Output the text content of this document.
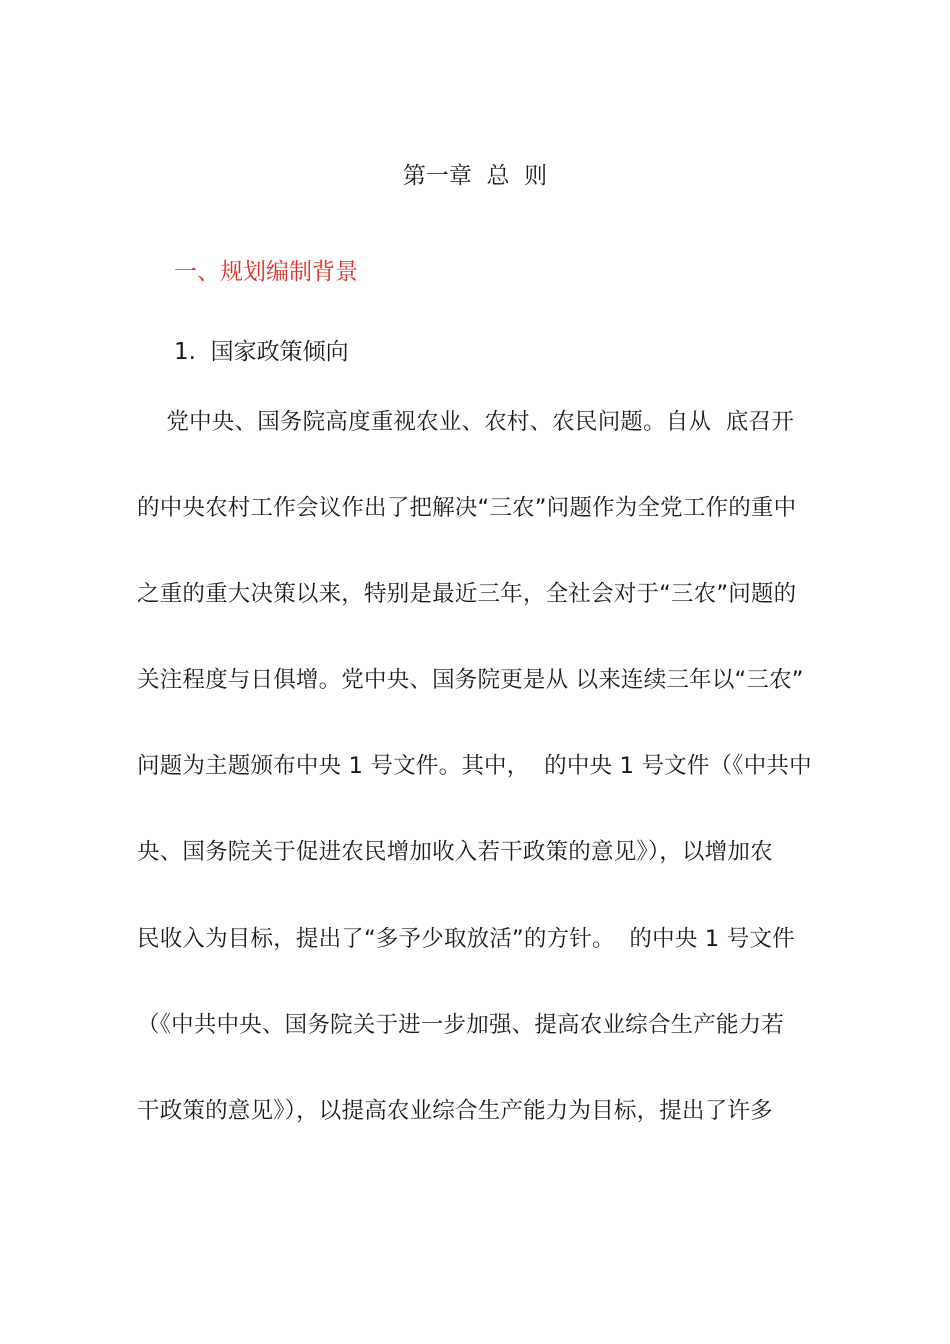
第一章  总  则
一、规划编制背景
1.  国家政策倾向
党中央、国务院高度重视农业、农村、农民问题。自从  底召开
的中央农村工作会议作出了把解决“三农”问题作为全党工作的重中
之重的重大决策以来，特别是最近三年，全社会对于“三农”问题的
关注程度与日俱增。党中央、国务院更是从 以来连续三年以“三农”
问题为主题颁布中央 1 号文件。其中，  的中央 1 号文件（《中共中
央、国务院关于促进农民增加收入若干政策的意见》），以增加农
民收入为目标，提出了“多予少取放活”的方针。  的中央 1 号文件
（《中共中央、国务院关于进一步加强、提高农业综合生产能力若
干政策的意见》），以提高农业综合生产能力为目标，提出了许多
